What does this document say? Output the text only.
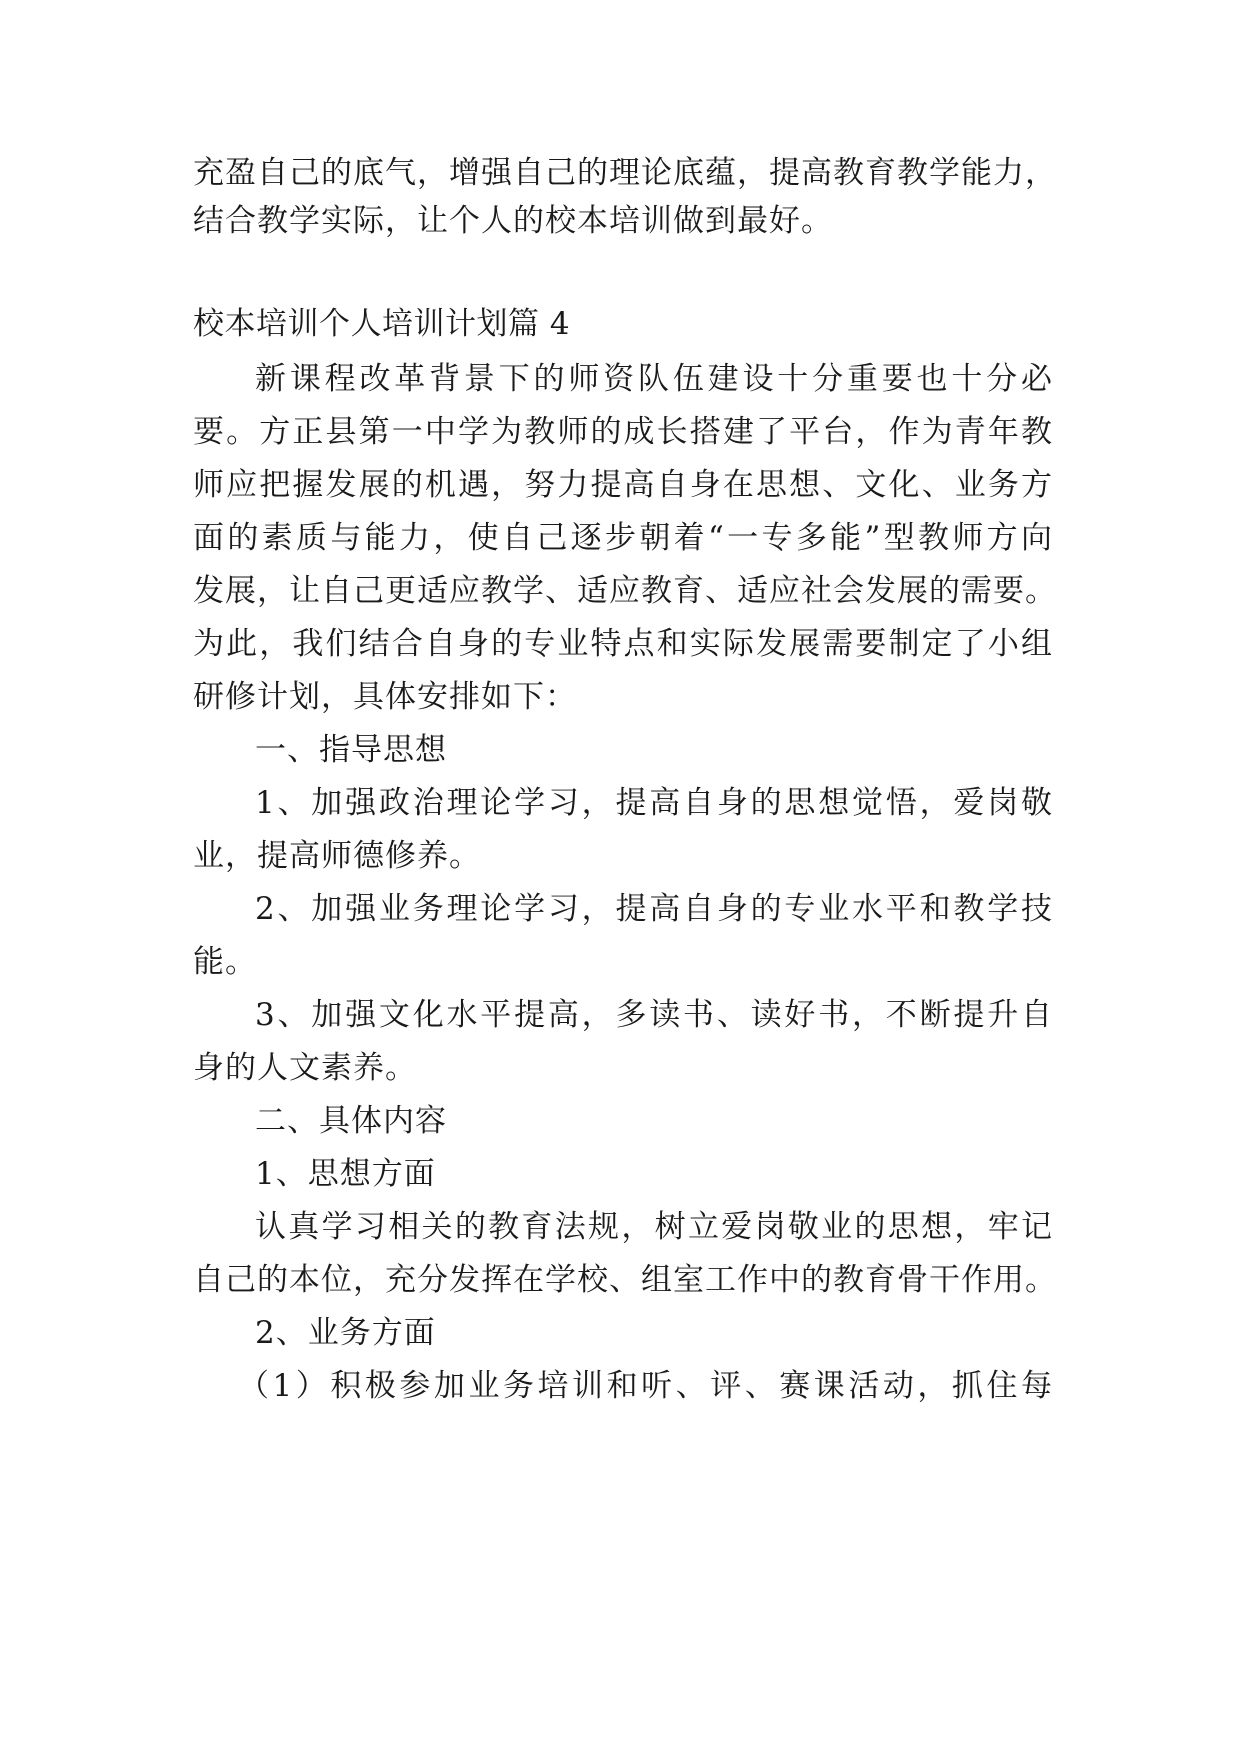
充盈自己的底气，增强自己的理论底蕴，提高教育教学能力，
结合教学实际，让个人的校本培训做到最好。
校本培训个人培训计划篇 4
新课程改革背景下的师资队伍建设十分重要也十分必
要。方正县第一中学为教师的成长搭建了平台，作为青年教
师应把握发展的机遇，努力提高自身在思想、文化、业务方
面的素质与能力，使自己逐步朝着“一专多能”型教师方向
发展，让自己更适应教学、适应教育、适应社会发展的需要。
为此，我们结合自身的专业特点和实际发展需要制定了小组
研修计划，具体安排如下：
一、指导思想
1、加强政治理论学习，提高自身的思想觉悟，爱岗敬
业，提高师德修养。
2、加强业务理论学习，提高自身的专业水平和教学技
能。
3、加强文化水平提高，多读书、读好书，不断提升自
身的人文素养。
二、具体内容
1、思想方面
认真学习相关的教育法规，树立爱岗敬业的思想，牢记
自己的本位，充分发挥在学校、组室工作中的教育骨干作用。
2、业务方面
（1）积极参加业务培训和听、评、赛课活动，抓住每
